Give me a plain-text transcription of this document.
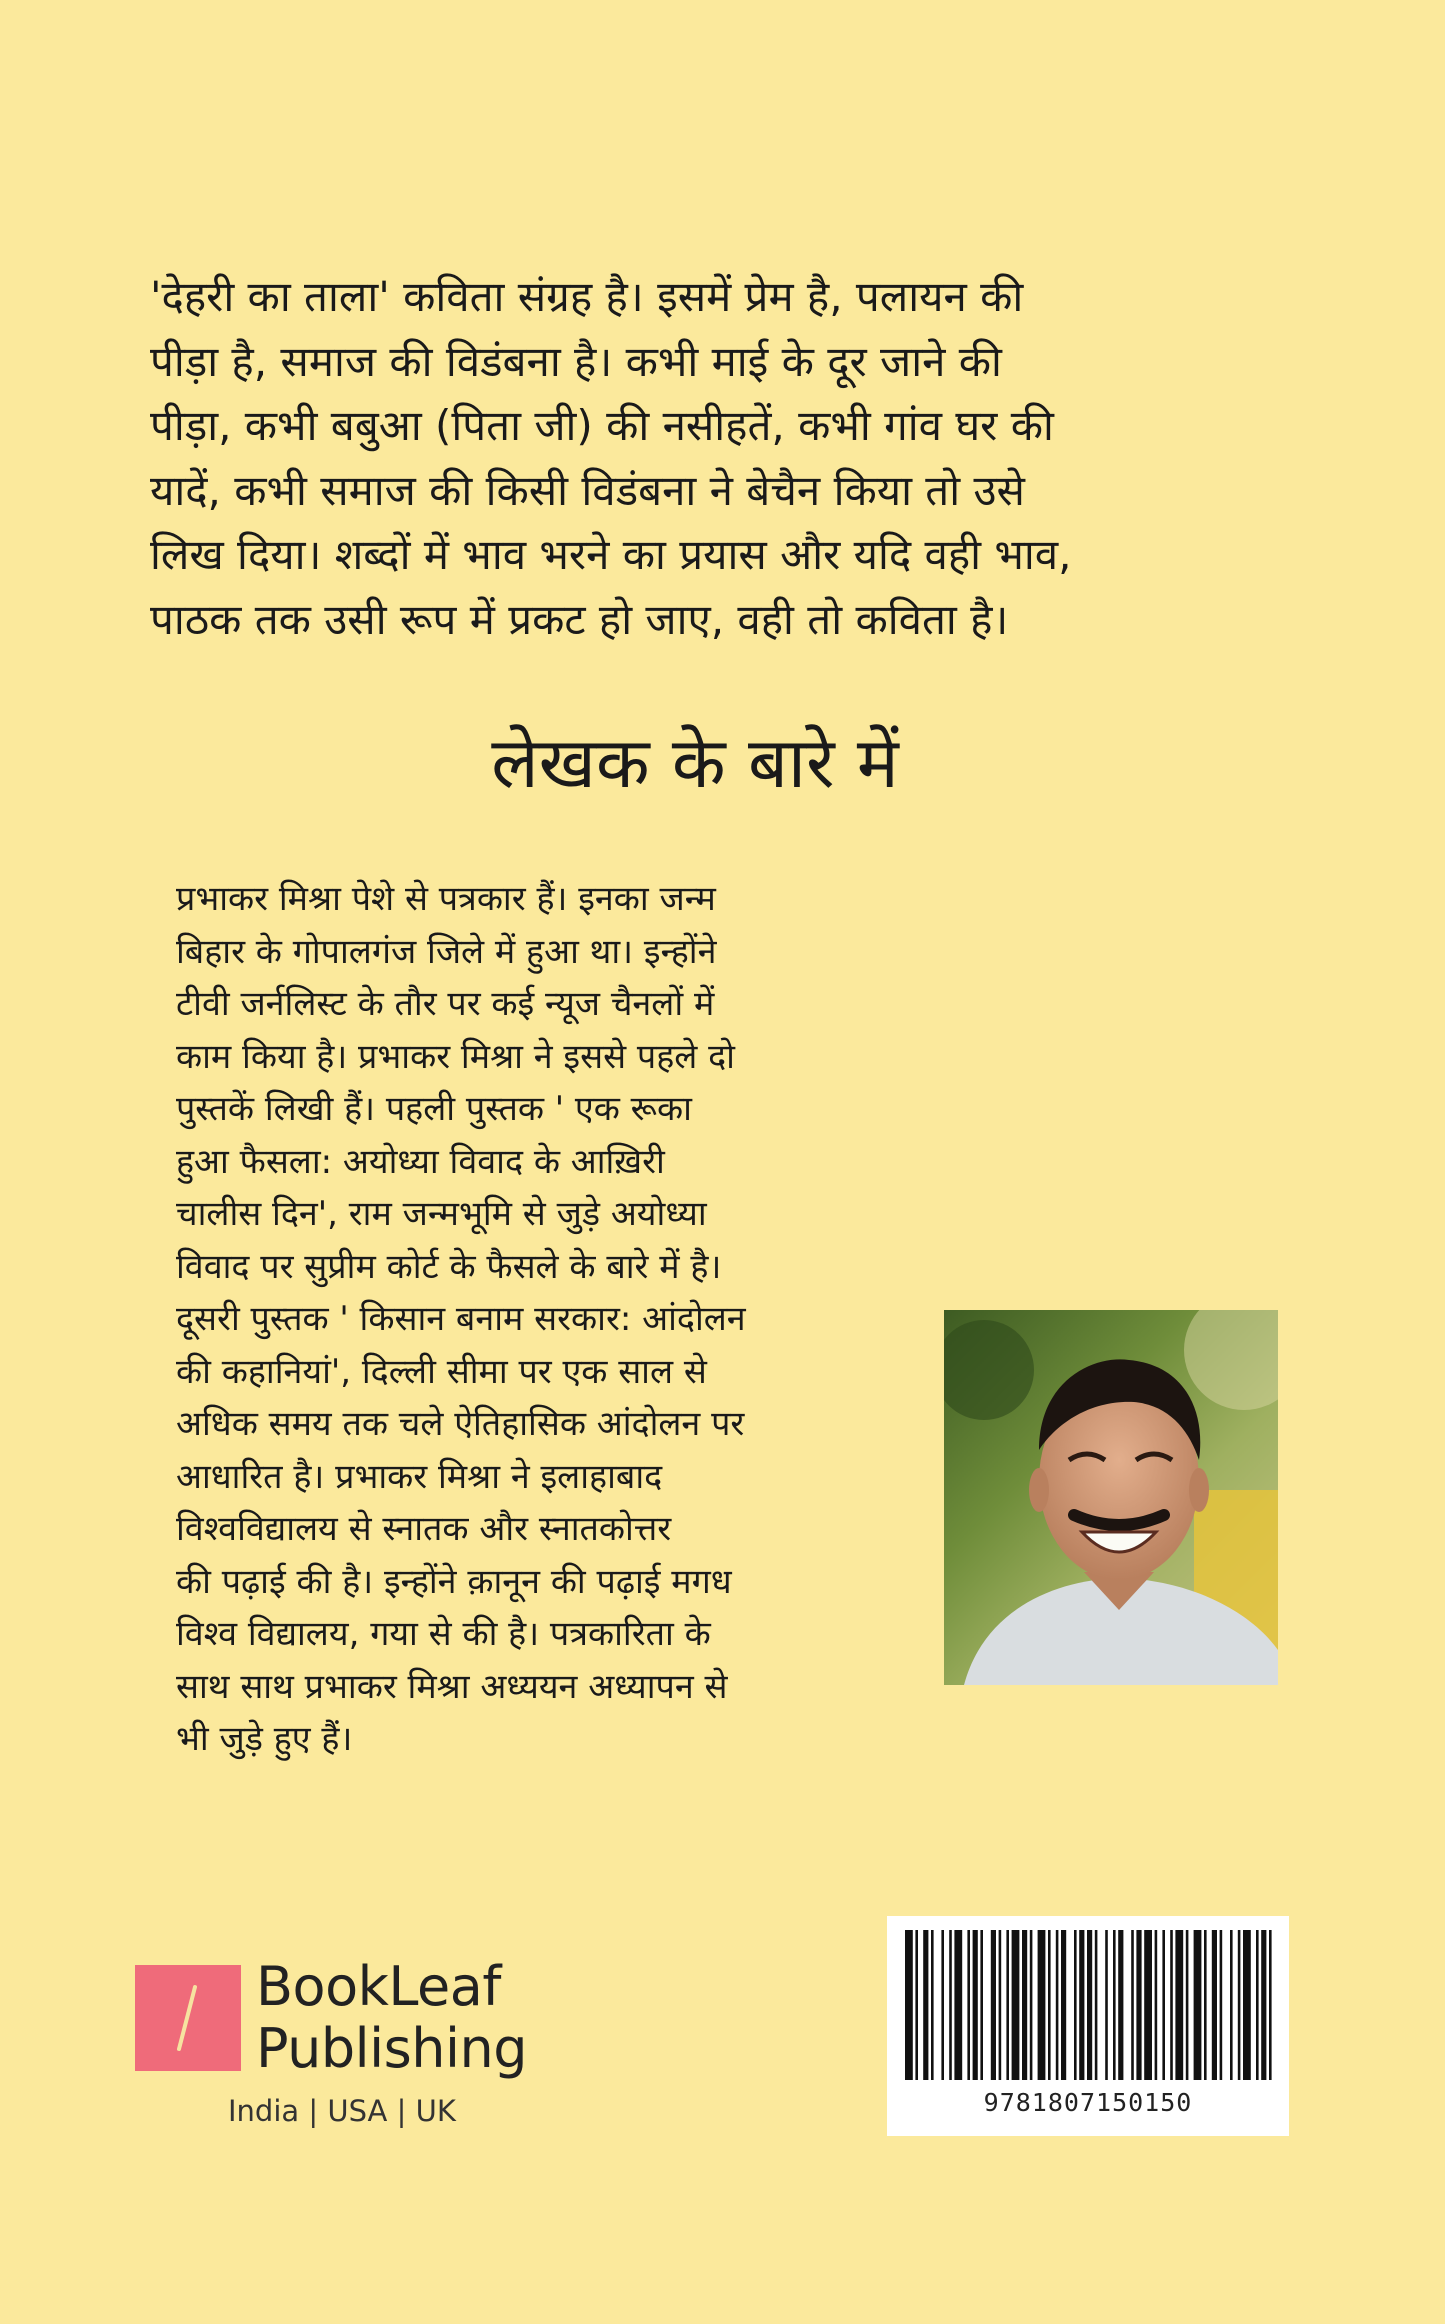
'देहरी का ताला' कविता संग्रह है। इसमें प्रेम है, पलायन की
पीड़ा है, समाज की विडंबना है। कभी माई के दूर जाने की
पीड़ा, कभी बबुआ (पिता जी) की नसीहतें, कभी गांव घर की
यादें, कभी समाज की किसी विडंबना ने बेचैन किया तो उसे
लिख दिया। शब्दों में भाव भरने का प्रयास और यदि वही भाव,
पाठक तक उसी रूप में प्रकट हो जाए, वही तो कविता है।

लेखक के बारे में

प्रभाकर मिश्रा पेशे से पत्रकार हैं। इनका जन्म
बिहार के गोपालगंज जिले में हुआ था। इन्होंने
टीवी जर्नलिस्ट के तौर पर कई न्यूज चैनलों में
काम किया है। प्रभाकर मिश्रा ने इससे पहले दो
पुस्तकें लिखी हैं। पहली पुस्तक ' एक रूका
हुआ फैसला: अयोध्या विवाद के आख़िरी
चालीस दिन', राम जन्मभूमि से जुड़े अयोध्या
विवाद पर सुप्रीम कोर्ट के फैसले के बारे में है।
दूसरी पुस्तक ' किसान बनाम सरकार: आंदोलन
की कहानियां', दिल्ली सीमा पर एक साल से
अधिक समय तक चले ऐतिहासिक आंदोलन पर
आधारित है। प्रभाकर मिश्रा ने इलाहाबाद
विश्वविद्यालय से स्नातक और स्नातकोत्तर
की पढ़ाई की है। इन्होंने क़ानून की पढ़ाई मगध
विश्व विद्यालय, गया से की है। पत्रकारिता के
साथ साथ प्रभाकर मिश्रा अध्ययन अध्यापन से
भी जुड़े हुए हैं।

BookLeaf
Publishing

India | USA | UK	9781807150150
